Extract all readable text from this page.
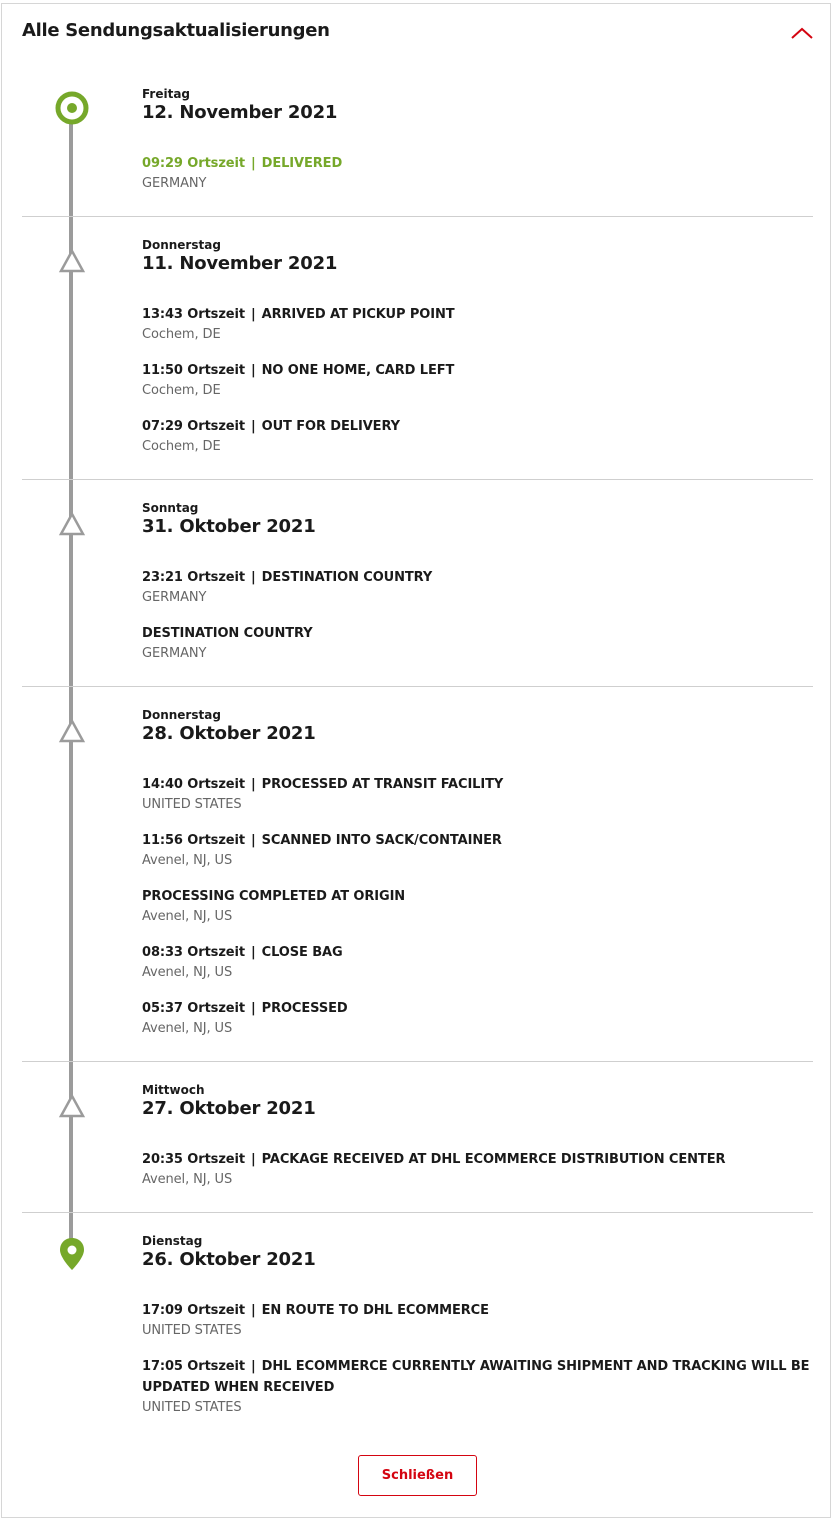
Alle Sendungsaktualisierungen
Freitag
12. November 2021
09:29 Ortszeit | DELIVERED
GERMANY
Donnerstag
11. November 2021
13:43 Ortszeit | ARRIVED AT PICKUP POINT
Cochem, DE
11:50 Ortszeit | NO ONE HOME, CARD LEFT
Cochem, DE
07:29 Ortszeit | OUT FOR DELIVERY
Cochem, DE
Sonntag
31. Oktober 2021
23:21 Ortszeit | DESTINATION COUNTRY
GERMANY
DESTINATION COUNTRY
GERMANY
Donnerstag
28. Oktober 2021
14:40 Ortszeit | PROCESSED AT TRANSIT FACILITY
UNITED STATES
11:56 Ortszeit | SCANNED INTO SACK/CONTAINER
Avenel, NJ, US
PROCESSING COMPLETED AT ORIGIN
Avenel, NJ, US
08:33 Ortszeit | CLOSE BAG
Avenel, NJ, US
05:37 Ortszeit | PROCESSED
Avenel, NJ, US
Mittwoch
27. Oktober 2021
20:35 Ortszeit | PACKAGE RECEIVED AT DHL ECOMMERCE DISTRIBUTION CENTER
Avenel, NJ, US
Dienstag
26. Oktober 2021
17:09 Ortszeit | EN ROUTE TO DHL ECOMMERCE
UNITED STATES
17:05 Ortszeit | DHL ECOMMERCE CURRENTLY AWAITING SHIPMENT AND TRACKING WILL BE
UPDATED WHEN RECEIVED
UNITED STATES
Schließen
